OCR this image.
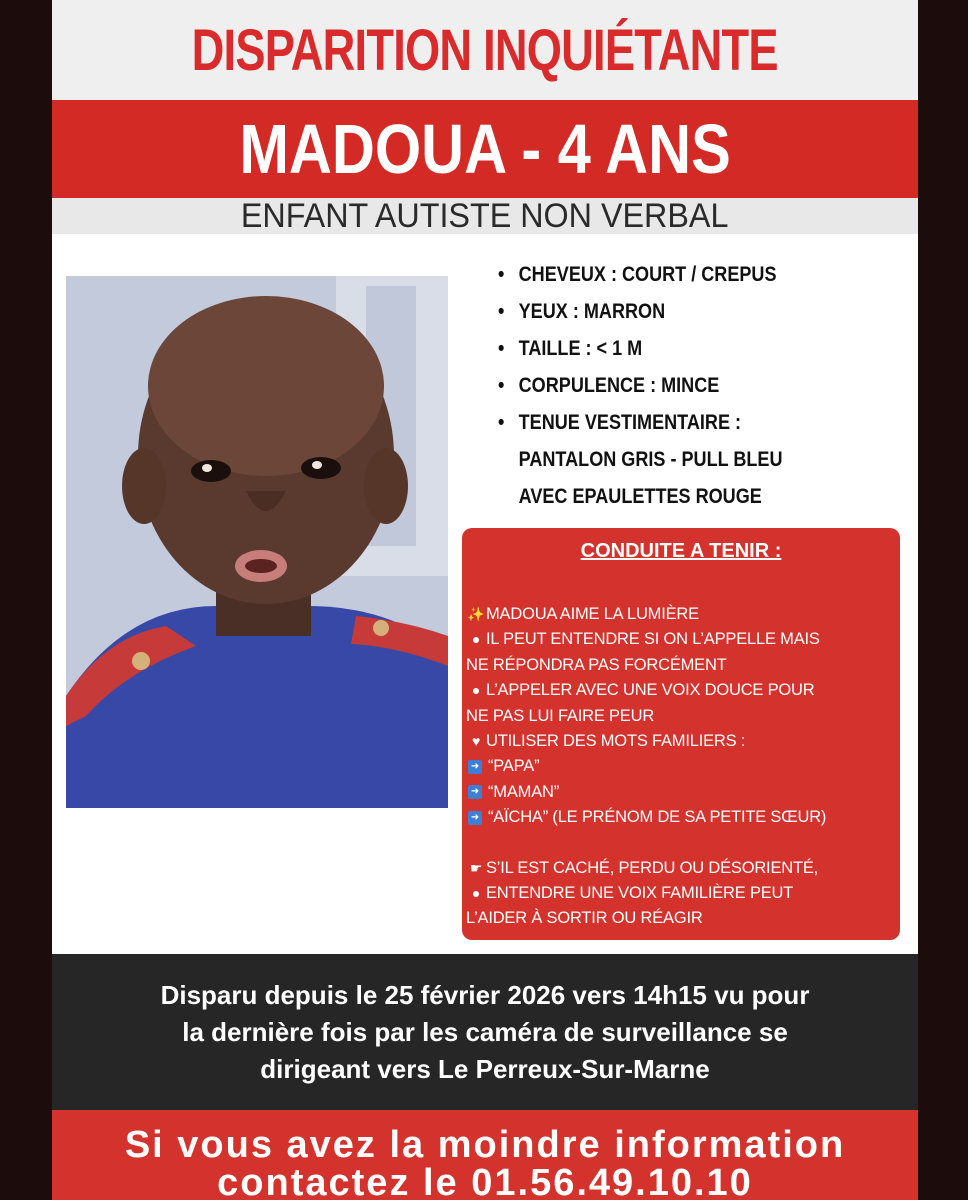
DISPARITION INQUIÉTANTE
MADOUA - 4 ANS
ENFANT AUTISTE NON VERBAL
• CHEVEUX : COURT / CREPUS
• YEUX : MARRON
• TAILLE : < 1 M
• CORPULENCE : MINCE
• TENUE VESTIMENTAIRE :
PANTALON GRIS - PULL BLEU
AVEC EPAULETTES ROUGE
CONDUITE A TENIR :
✨MADOUA AIME LA LUMIÈRE
● IL PEUT ENTENDRE SI ON L’APPELLE MAIS
NE RÉPONDRA PAS FORCÉMENT
● L’APPELER AVEC UNE VOIX DOUCE POUR
NE PAS LUI FAIRE PEUR
♥ UTILISER DES MOTS FAMILIERS :
➜ “PAPA”
➜ “MAMAN”
➜ “AÏCHA” (LE PRÉNOM DE SA PETITE SŒUR)
☛ S’IL EST CACHÉ, PERDU OU DÉSORIENTÉ,
● ENTENDRE UNE VOIX FAMILIÈRE PEUT
L’AIDER À SORTIR OU RÉAGIR
Disparu depuis le 25 février 2026 vers 14h15 vu pour
la dernière fois par les caméra de surveillance se
dirigeant vers Le Perreux-Sur-Marne
Si vous avez la moindre information
contactez le 01.56.49.10.10
